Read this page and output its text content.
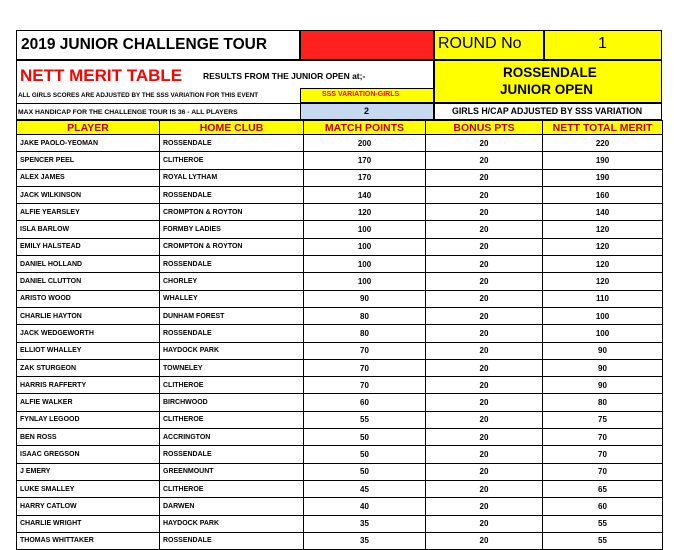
2019 JUNIOR CHALLENGE TOUR	ROUND No	1
NETT MERIT TABLE RESULTS FROM THE JUNIOR OPEN at;-
ALL GIRLS SCORES ARE ADJUSTED BY THE SSS VARIATION FOR THIS EVENT	SSS VARIATION-GIRLS
MAX HANDICAP FOR THE CHALLENGE TOUR IS 36 - ALL PLAYERS	2
ROSSENDALE
JUNIOR OPEN
GIRLS H/CAP ADJUSTED BY SSS VARIATION
PLAYER	HOME CLUB	MATCH POINTS	BONUS PTS	NETT TOTAL MERIT
JAKE PAOLO-YEOMAN	ROSSENDALE	200	20	220
SPENCER PEEL	CLITHEROE	170	20	190
ALEX JAMES	ROYAL LYTHAM	170	20	190
JACK WILKINSON	ROSSENDALE	140	20	160
ALFIE YEARSLEY	CROMPTON & ROYTON	120	20	140
ISLA BARLOW	FORMBY LADIES	100	20	120
EMILY HALSTEAD	CROMPTON & ROYTON	100	20	120
DANIEL HOLLAND	ROSSENDALE	100	20	120
DANIEL CLUTTON	CHORLEY	100	20	120
ARISTO WOOD	WHALLEY	90	20	110
CHARLIE HAYTON	DUNHAM FOREST	80	20	100
JACK WEDGEWORTH	ROSSENDALE	80	20	100
ELLIOT WHALLEY	HAYDOCK PARK	70	20	90
ZAK STURGEON	TOWNELEY	70	20	90
HARRIS RAFFERTY	CLITHEROE	70	20	90
ALFIE WALKER	BIRCHWOOD	60	20	80
FYNLAY LEGOOD	CLITHEROE	55	20	75
BEN ROSS	ACCRINGTON	50	20	70
ISAAC GREGSON	ROSSENDALE	50	20	70
J EMERY	GREENMOUNT	50	20	70
LUKE SMALLEY	CLITHEROE	45	20	65
HARRY CATLOW	DARWEN	40	20	60
CHARLIE WRIGHT	HAYDOCK PARK	35	20	55
THOMAS WHITTAKER	ROSSENDALE	35	20	55
